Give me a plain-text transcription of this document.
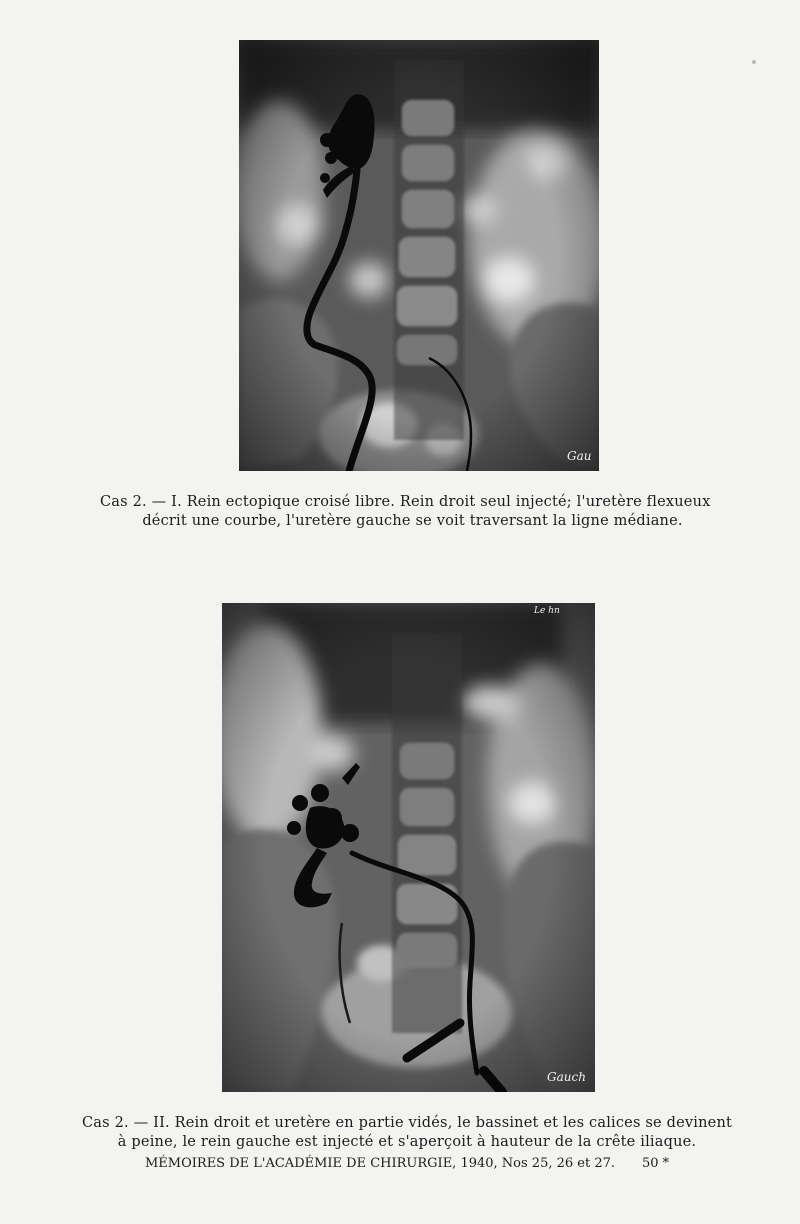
Gau
Cas 2. — I. Rein ectopique croisé libre. Rein droit seul injecté; l'uretère flexueux
décrit une courbe, l'uretère gauche se voit traversant la ligne médiane.
Le hn
Gauch
Cas 2. — II. Rein droit et uretère en partie vidés, le bassinet et les calices se devinent
à peine, le rein gauche est injecté et s'aperçoit à hauteur de la crête iliaque.
MÉMOIRES DE L'ACADÉMIE DE CHIRURGIE, 1940, Nos 25, 26 et 27. 50 *
